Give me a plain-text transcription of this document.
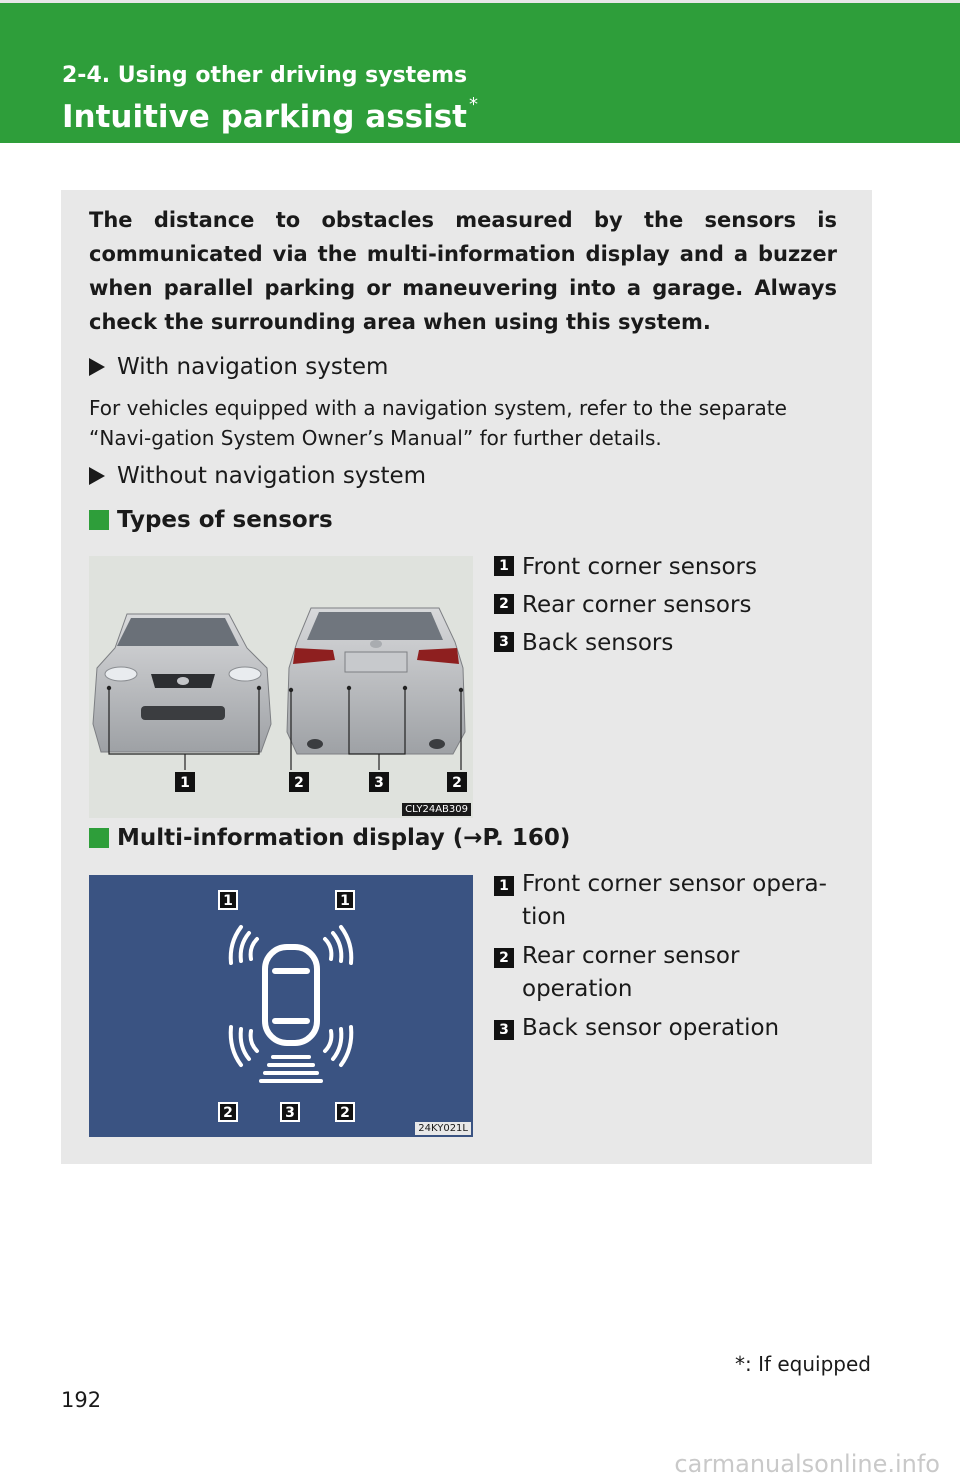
2-4. Using other driving systems
Intuitive parking assist *

The distance to obstacles measured by the sensors is communicated via the multi-information display and a buzzer when parallel parking or maneuvering into a garage. Always check the surrounding area when using this system.

With navigation system

For vehicles equipped with a navigation system, refer to the separate “Navi-gation System Owner’s Manual” for further details.

Without navigation system
Types of sensors
1	2	3	2
CLY24AB309
1 Front corner sensors
2 Rear corner sensors
3 Back sensors
Multi-information display (→P. 160)
1	1
2	3	2
24KY021L
1 Front corner sensor opera-tion
2 Rear corner sensor operation
3 Back sensor operation
*: If equipped
192
carmanualsonline.info
